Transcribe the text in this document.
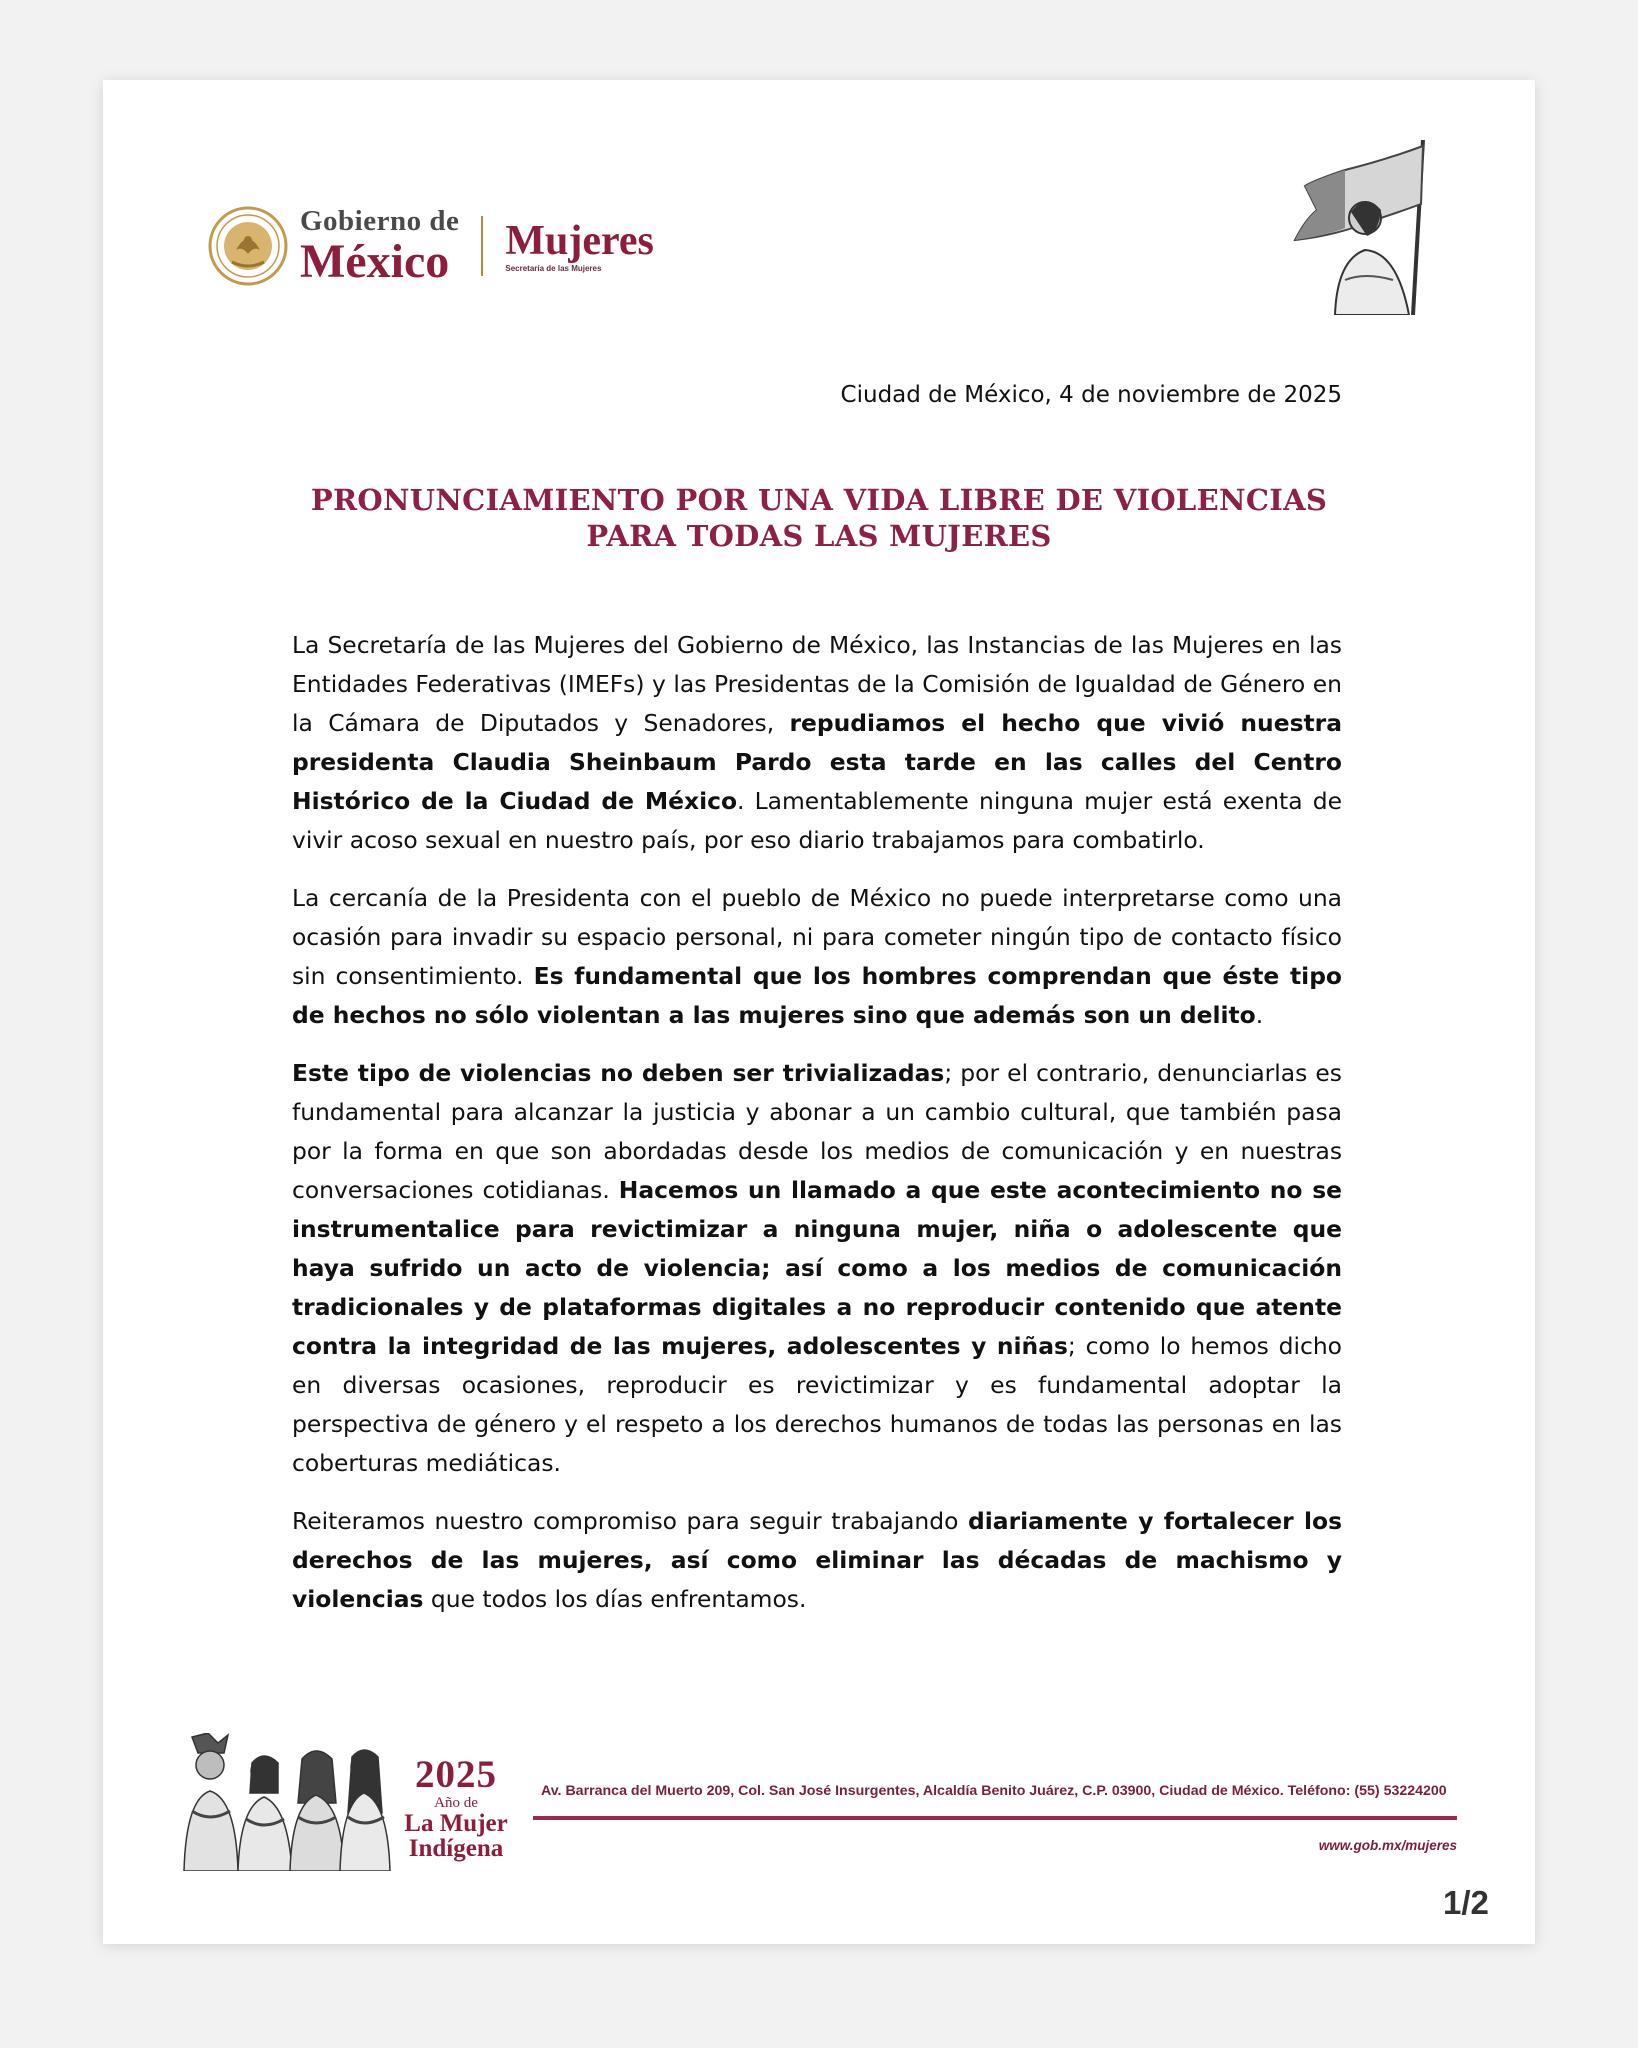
Gobierno de
México Mujeres
Secretaría de las Mujeres
Ciudad de México, 4 de noviembre de 2025
PRONUNCIAMIENTO POR UNA VIDA LIBRE DE VIOLENCIAS
PARA TODAS LAS MUJERES

La Secretaría de las Mujeres del Gobierno de México, las Instancias de las Mujeres en las Entidades Federativas (IMEFs) y las Presidentas de la Comisión de Igualdad de Género en la Cámara de Diputados y Senadores, repudiamos el hecho que vivió nuestra presidenta Claudia Sheinbaum Pardo esta tarde en las calles del Centro Histórico de la Ciudad de México. Lamentablemente ninguna mujer está exenta de vivir acoso sexual en nuestro país, por eso diario trabajamos para combatirlo.

La cercanía de la Presidenta con el pueblo de México no puede interpretarse como una ocasión para invadir su espacio personal, ni para cometer ningún tipo de contacto físico sin consentimiento. Es fundamental que los hombres comprendan que éste tipo de hechos no sólo violentan a las mujeres sino que además son un delito.

Este tipo de violencias no deben ser trivializadas; por el contrario, denunciarlas es fundamental para alcanzar la justicia y abonar a un cambio cultural, que también pasa por la forma en que son abordadas desde los medios de comunicación y en nuestras conversaciones cotidianas. Hacemos un llamado a que este acontecimiento no se instrumentalice para revictimizar a ninguna mujer, niña o adolescente que haya sufrido un acto de violencia; así como a los medios de comunicación tradicionales y de plataformas digitales a no reproducir contenido que atente contra la integridad de las mujeres, adolescentes y niñas; como lo hemos dicho en diversas ocasiones, reproducir es revictimizar y es fundamental adoptar la perspectiva de género y el respeto a los derechos humanos de todas las personas en las coberturas mediáticas.

Reiteramos nuestro compromiso para seguir trabajando diariamente y fortalecer los derechos de las mujeres, así como eliminar las décadas de machismo y violencias que todos los días enfrentamos.

2025
Año de
La Mujer
Indígena
Av. Barranca del Muerto 209, Col. San José Insurgentes, Alcaldía Benito Juárez, C.P. 03900, Ciudad de México. Teléfono: (55) 53224200
www.gob.mx/mujeres
1/2
